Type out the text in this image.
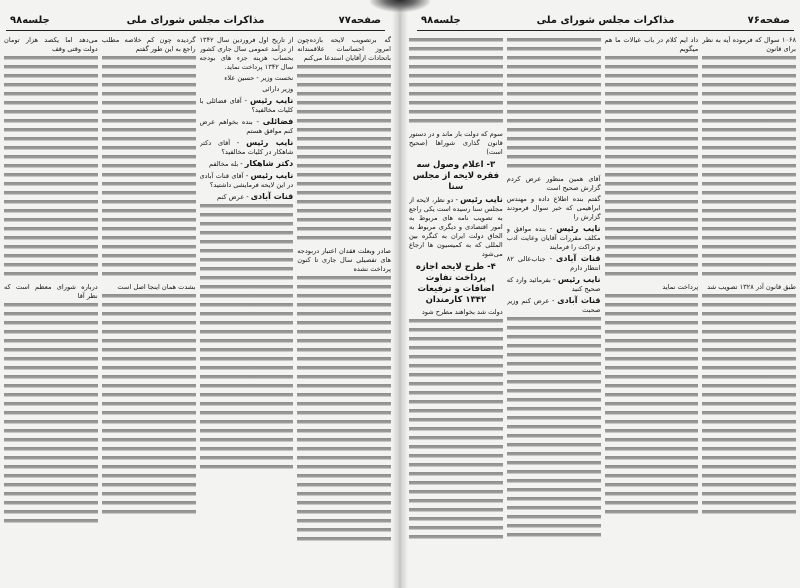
صفحه۷۷
مذاکرات مجلس شورای ملی
جلسه۹۸

گه برتصویب لایحه بازده‌چون امروز احساسات علاقمندانه باتحادات ازآقایان استدعا می‌کنم

صادر وبعلت فقدان اعتبار دربودجه های تفصیلی سال جاری تا کنون پرداخت نشده

از تاریخ اول فروردین سال ۱۳۴۲ از درآمد عمومی سال جاری کشور بحساب هزینه جزء های بودجه سال ۱۳۴۲ پرداخت نماید.

نخست وزیر - حسین علاء

وزیر دارائی

نایب رئیس - آقای فضائلی با کلیات مخالفید؟

فضائلی - بنده بخواهم عرض کنم موافق هستم

نایب رئیس - آقای دکتر شاهکار در کلیات مخالفید؟

دکتر شاهکار - بله مخالفم

نایب رئیس - آقای قنات آبادی در این لایحه فرمایشی داشتید؟

قنات آبادی - عرض کنم

گردیده چون کم خلاصه مطلب راجع به این طور گفتم

بشدت همان اینجا اصل است

می‌دهد اما یکصد هزار تومان دولت وقتی وقف

درباره شورای معظم است که نظر آقا

صفحه۷۶
مذاکرات مجلس شورای ملی
جلسه۹۸

۱۰۶۸ سوال که فرموده آیه به نظر برای قانون

طبق قانون آذر ۱۳۲۸ تصویب شد

داد ایم کلام در باب عیالات ما هم میگویم

پرداخت نماید

آقای همین منظور عرض کردم گزارش صحیح است

گفتم بنده اطلاع داده و مهندس ابراهیمی که خبر سوال فرمودند گزارش را

نایب رئیس - بنده موافق و مکلف مقررات آقایان وعایت ادب و نزاکت را فرمایند

قنات آبادی - جناب‌عالی ۸۲ انتظار دارم

نایب رئیس - بفرمائید وارد که صحیح کنید

قنات آبادی - عرض کنم وزیر صحبت

سوم که دولت بار ماند و در دستور قانون گذاری شوراها (صحیح است)

۳- اعلام وصول سه فقره لایحه از مجلس سنا

نایب رئیس - دو نظر، لایحه از مجلس سنا رسیده است یکی راجع به تصویب نامه های مربوط به امور اقتصادی و دیگری مربوط به الحاق دولت ایران به کنگره بین المللی که به کمیسیون ها ارجاع می‌شود

۴- طرح لایحه اجازه پرداخت تفاوت اضافات و ترفیعات ۱۳۴۲ کارمندان

دولت شد بخواهند مطرح شود
